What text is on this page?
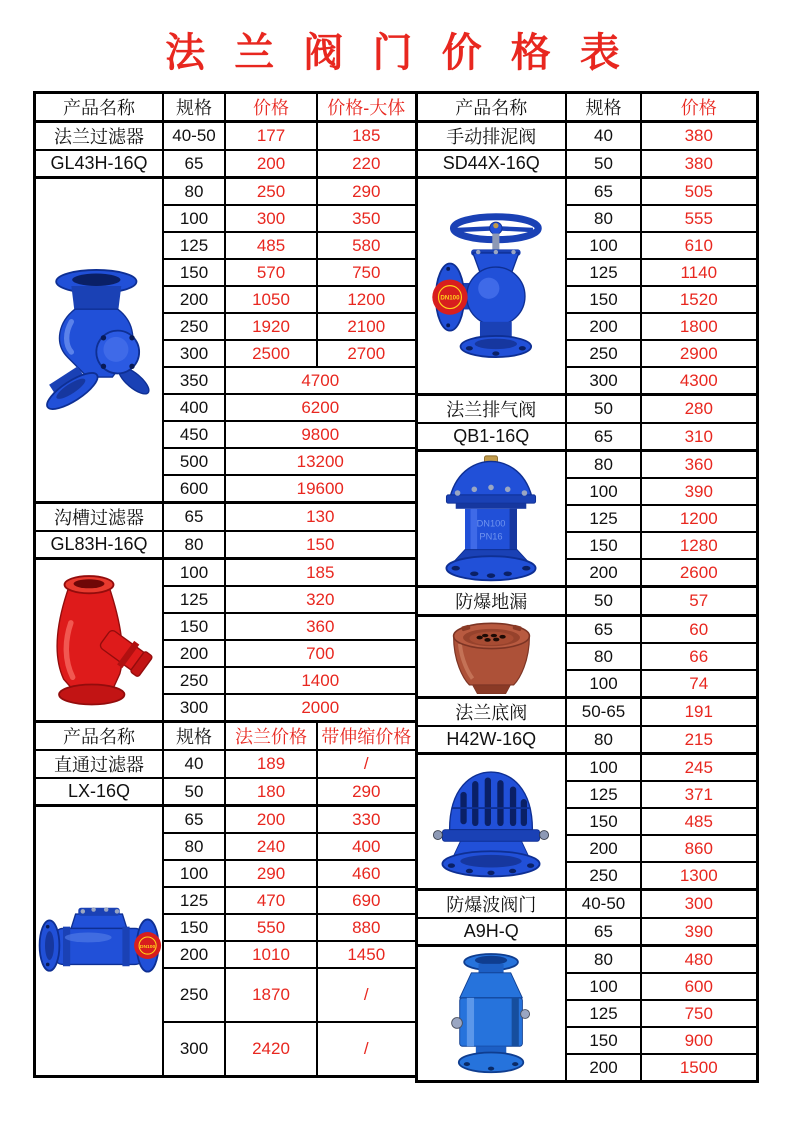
法 兰 阀 门 价 格 表
产品名称	规格	价格	价格-大体
法兰过滤器	40-50	177	185
GL43H-16Q	65	200	220

	80	250	290
	100	300	350
	125	485	580
	150	570	750
	200	1050	1200
	250	1920	2100
	300	2500	2700
	350	4700	
	400	6200	
	450	9800	
	500	13200	
	600	19600	
沟槽过滤器	65	130	
GL83H-16Q	80	150	

	100	185	
	125	320	
	150	360	
	200	700	
	250	1400	
	300	2000	
产品名称	规格	法兰价格	带伸缩价格
直通过滤器	40	189	/
LX-16Q	50	180	290

DN100	65	200	330
	80	240	400
	100	290	460
	125	470	690
	150	550	880
	200	1010	1450
	250	1870	/
	300	2420	/
产品名称	规格	价格
手动排泥阀	40	380
SD44X-16Q	50	380

DN100	65	505
	80	555
	100	610
	125	1140
	150	1520
	200	1800
	250	2900
	300	4300
法兰排气阀	50	280
QB1-16Q	65	310

DN100
PN16	80	360
	100	390
	125	1200
	150	1280
	200	2600
防爆地漏	50	57

	65	60
	80	66
	100	74
法兰底阀	50-65	191
H42W-16Q	80	215

	100	245
	125	371
	150	485
	200	860
	250	1300
防爆波阀门	40-50	300
A9H-Q	65	390

	80	480
	100	600
	125	750
	150	900
	200	1500
